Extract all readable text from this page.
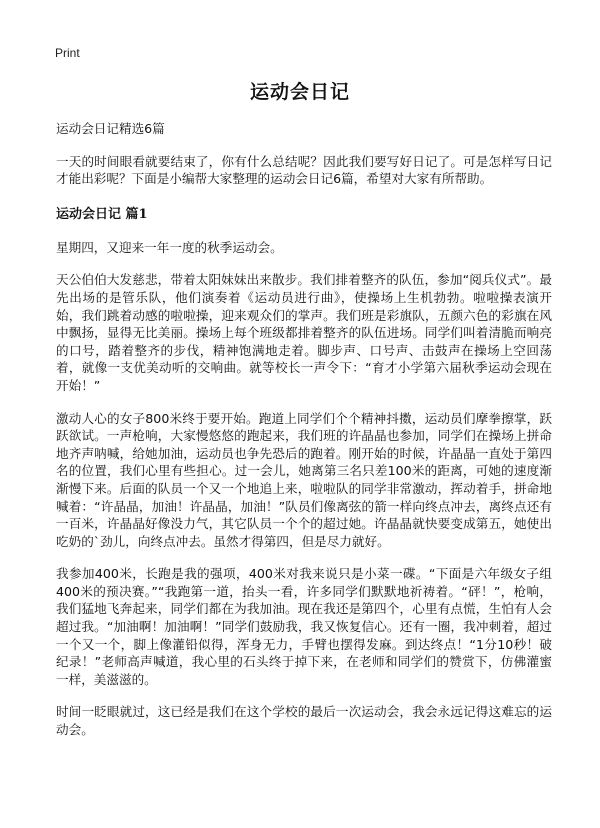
Print
运动会日记

运动会日记精选6篇

一天的时间眼看就要结束了，你有什么总结呢？因此我们要写好日记了。可是怎样写日记才能出彩呢？下面是小编帮大家整理的运动会日记6篇，希望对大家有所帮助。

运动会日记 篇1

星期四，又迎来一年一度的秋季运动会。

天公伯伯大发慈悲，带着太阳妹妹出来散步。我们排着整齐的队伍，参加“阅兵仪式”。最先出场的是管乐队，他们演奏着《运动员进行曲》，使操场上生机勃勃。啦啦操表演开始，我们跳着动感的啦啦操，迎来观众们的掌声。我们班是彩旗队，五颜六色的彩旗在风中飘扬，显得无比美丽。操场上每个班级都排着整齐的队伍进场。同学们叫着清脆而响亮的口号，踏着整齐的步伐，精神饱满地走着。脚步声、口号声、击鼓声在操场上空回荡着，就像一支优美动听的交响曲。就等校长一声令下：“育才小学第六届秋季运动会现在开始！”

激动人心的女子800米终于要开始。跑道上同学们个个精神抖擞，运动员们摩拳擦掌，跃跃欲试。一声枪响，大家慢悠悠的跑起来，我们班的许晶晶也参加，同学们在操场上拼命地齐声呐喊，给她加油，运动员也争先恐后的跑着。刚开始的时候，许晶晶一直处于第四名的位置，我们心里有些担心。过一会儿，她离第三名只差100米的距离，可她的速度渐渐慢下来。后面的队员一个又一个地追上来，啦啦队的同学非常激动，挥动着手，拼命地喊着：“许晶晶，加油！许晶晶，加油！”队员们像离弦的箭一样向终点冲去，离终点还有一百米，许晶晶好像没力气，其它队员一个个的超过她。许晶晶就快要变成第五，她使出吃奶的`劲儿，向终点冲去。虽然才得第四，但是尽力就好。

我参加400米，长跑是我的强项，400米对我来说只是小菜一碟。“下面是六年级女子组400米的预决赛。”“我跑第一道，抬头一看，许多同学们默默地祈祷着。“砰！”，枪响，我们猛地飞奔起来，同学们都在为我加油。现在我还是第四个，心里有点慌，生怕有人会超过我。“加油啊！加油啊！”同学们鼓励我，我又恢复信心。还有一圈，我冲刺着，超过一个又一个，脚上像灌铅似得，浑身无力，手臂也摆得发麻。到达终点！“1分10秒！破纪录！”老师高声喊道，我心里的石头终于掉下来，在老师和同学们的赞赏下，仿佛灌蜜一样，美滋滋的。

时间一眨眼就过，这已经是我们在这个学校的最后一次运动会，我会永远记得这难忘的运动会。
